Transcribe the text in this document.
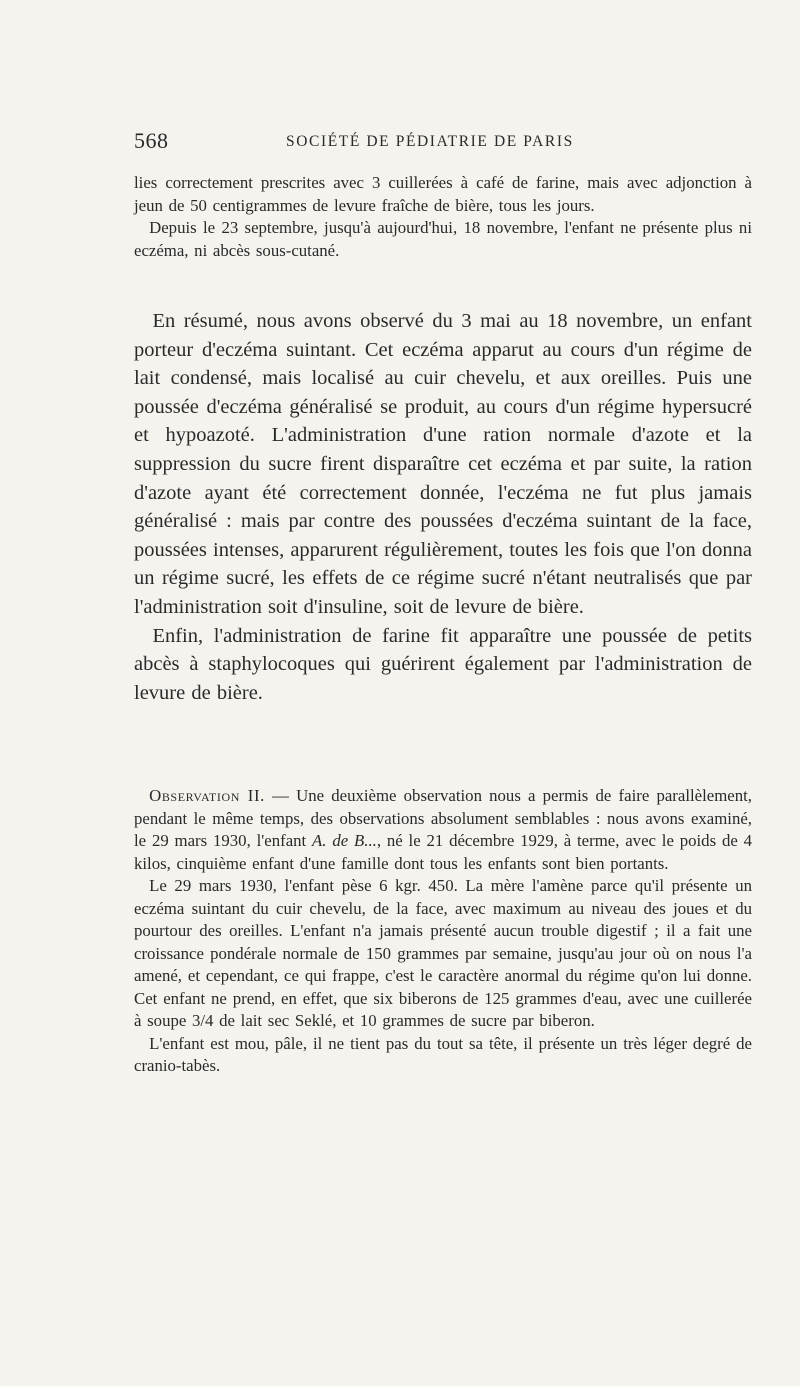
568	SOCIÉTÉ DE PÉDIATRIE DE PARIS

lies correctement prescrites avec 3 cuillerées à café de farine, mais avec adjonction à jeun de 50 centigrammes de levure fraîche de bière, tous les jours.

Depuis le 23 septembre, jusqu'à aujourd'hui, 18 novembre, l'enfant ne présente plus ni eczéma, ni abcès sous-cutané.

En résumé, nous avons observé du 3 mai au 18 novembre, un enfant porteur d'eczéma suintant. Cet eczéma apparut au cours d'un régime de lait condensé, mais localisé au cuir chevelu, et aux oreilles. Puis une poussée d'eczéma généralisé se produit, au cours d'un régime hypersucré et hypoazoté. L'administration d'une ration normale d'azote et la suppression du sucre firent disparaître cet eczéma et par suite, la ration d'azote ayant été correctement donnée, l'eczéma ne fut plus jamais généralisé : mais par contre des poussées d'eczéma suintant de la face, poussées intenses, apparurent régulièrement, toutes les fois que l'on donna un régime sucré, les effets de ce régime sucré n'étant neutralisés que par l'administration soit d'insuline, soit de levure de bière.

Enfin, l'administration de farine fit apparaître une poussée de petits abcès à staphylocoques qui guérirent également par l'administration de levure de bière.

Observation II. — Une deuxième observation nous a permis de faire parallèlement, pendant le même temps, des observations absolument semblables : nous avons examiné, le 29 mars 1930, l'enfant A. de B..., né le 21 décembre 1929, à terme, avec le poids de 4 kilos, cinquième enfant d'une famille dont tous les enfants sont bien portants.

Le 29 mars 1930, l'enfant pèse 6 kgr. 450. La mère l'amène parce qu'il présente un eczéma suintant du cuir chevelu, de la face, avec maximum au niveau des joues et du pourtour des oreilles. L'enfant n'a jamais présenté aucun trouble digestif ; il a fait une croissance pondérale normale de 150 grammes par semaine, jusqu'au jour où on nous l'a amené, et cependant, ce qui frappe, c'est le caractère anormal du régime qu'on lui donne. Cet enfant ne prend, en effet, que six biberons de 125 grammes d'eau, avec une cuillerée à soupe 3/4 de lait sec Seklé, et 10 grammes de sucre par biberon.

L'enfant est mou, pâle, il ne tient pas du tout sa tête, il présente un très léger degré de cranio-tabès.
